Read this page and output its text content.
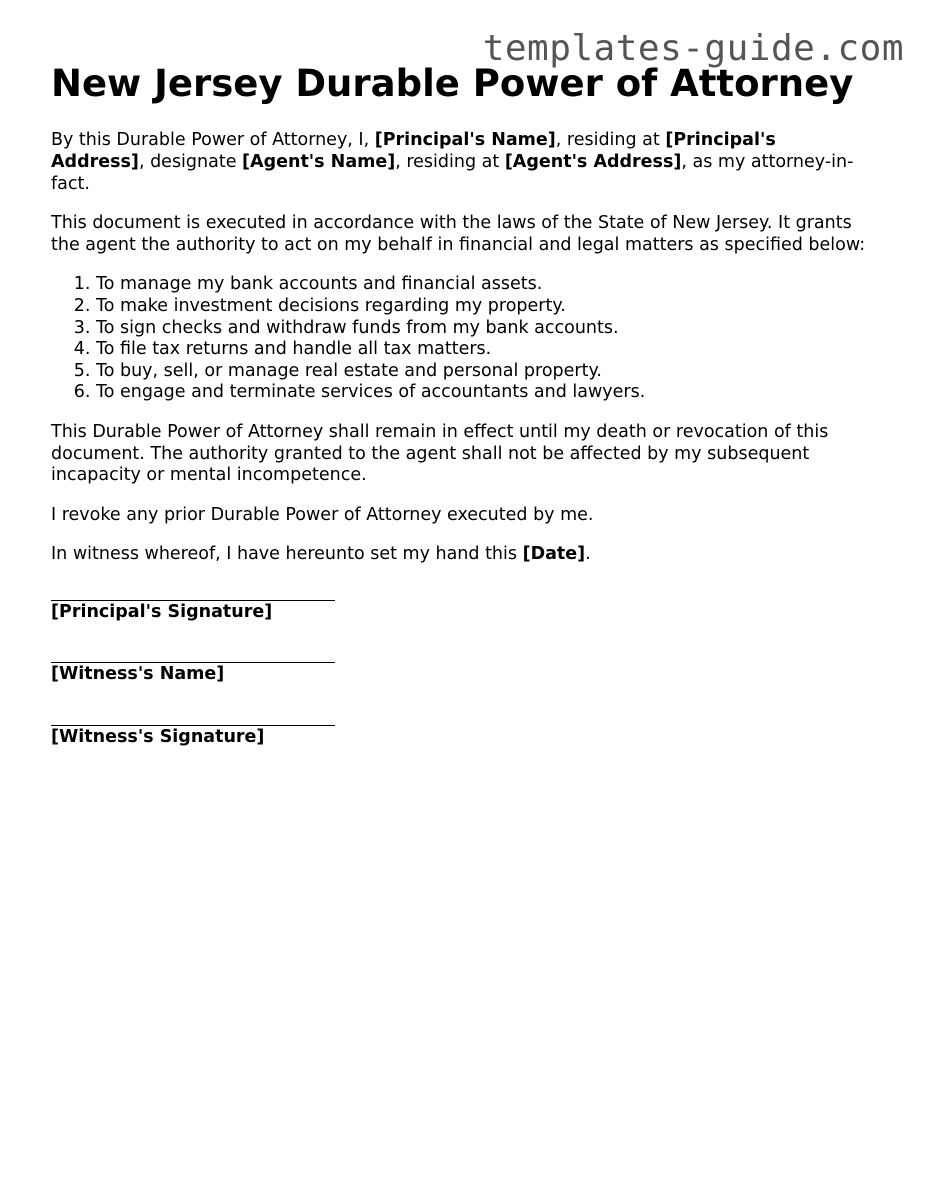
templates-guide.com
New Jersey Durable Power of Attorney

By this Durable Power of Attorney, I, [Principal's Name], residing at [Principal's Address], designate [Agent's Name], residing at [Agent's Address], as my attorney-in-fact.

This document is executed in accordance with the laws of the State of New Jersey. It grants the agent the authority to act on my behalf in financial and legal matters as specified below:

1. To manage my bank accounts and financial assets.
2. To make investment decisions regarding my property.
3. To sign checks and withdraw funds from my bank accounts.
4. To file tax returns and handle all tax matters.
5. To buy, sell, or manage real estate and personal property.
6. To engage and terminate services of accountants and lawyers.

This Durable Power of Attorney shall remain in effect until my death or revocation of this document. The authority granted to the agent shall not be affected by my subsequent incapacity or mental incompetence.

I revoke any prior Durable Power of Attorney executed by me.

In witness whereof, I have hereunto set my hand this [Date].

[Principal's Signature]
[Witness's Name]
[Witness's Signature]
